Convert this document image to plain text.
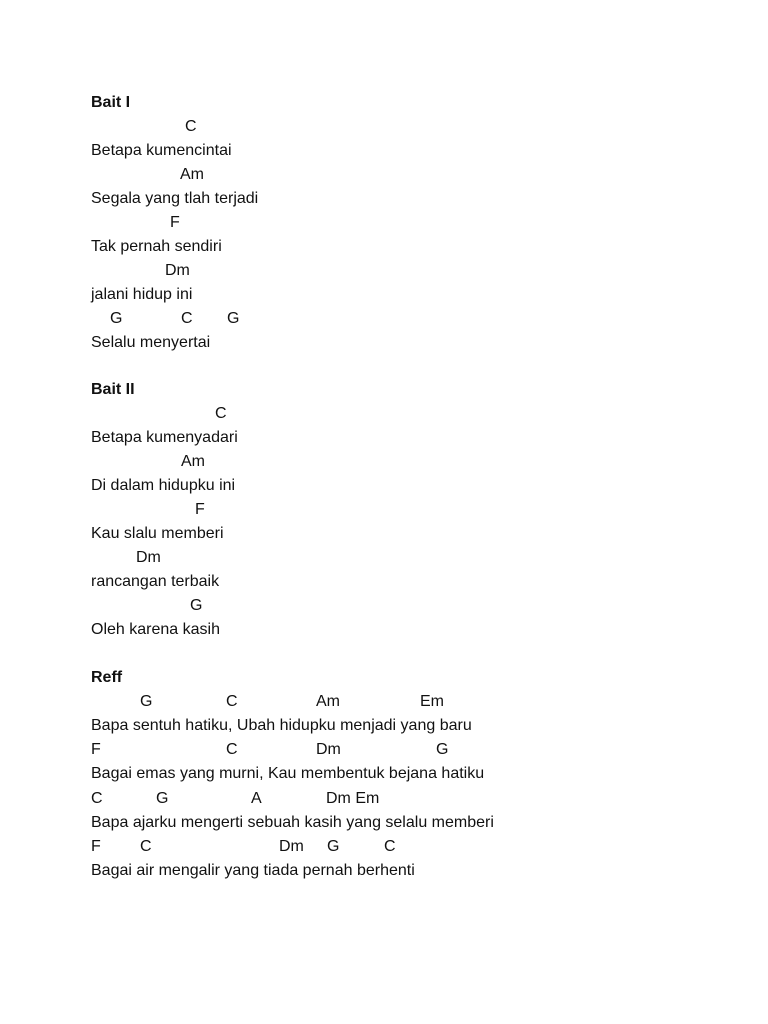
Bait I
C
Betapa kumencintai
Am
Segala yang tlah terjadi
F
Tak pernah sendiri
Dm
jalani hidup ini
G	C G
Selalu menyertai
Bait II
C
Betapa kumenyadari
Am
Di dalam hidupku ini
F
Kau slalu memberi
Dm
rancangan terbaik
G
Oleh karena kasih
Reff
G	C	Am	Em
Bapa sentuh hatiku, Ubah hidupku menjadi yang baru
F	C	Dm	G
Bagai emas yang murni, Kau membentuk bejana hatiku
C	G	A	Dm Em
Bapa ajarku mengerti sebuah kasih yang selalu memberi
F C	Dm G	C
Bagai air mengalir yang tiada pernah berhenti
